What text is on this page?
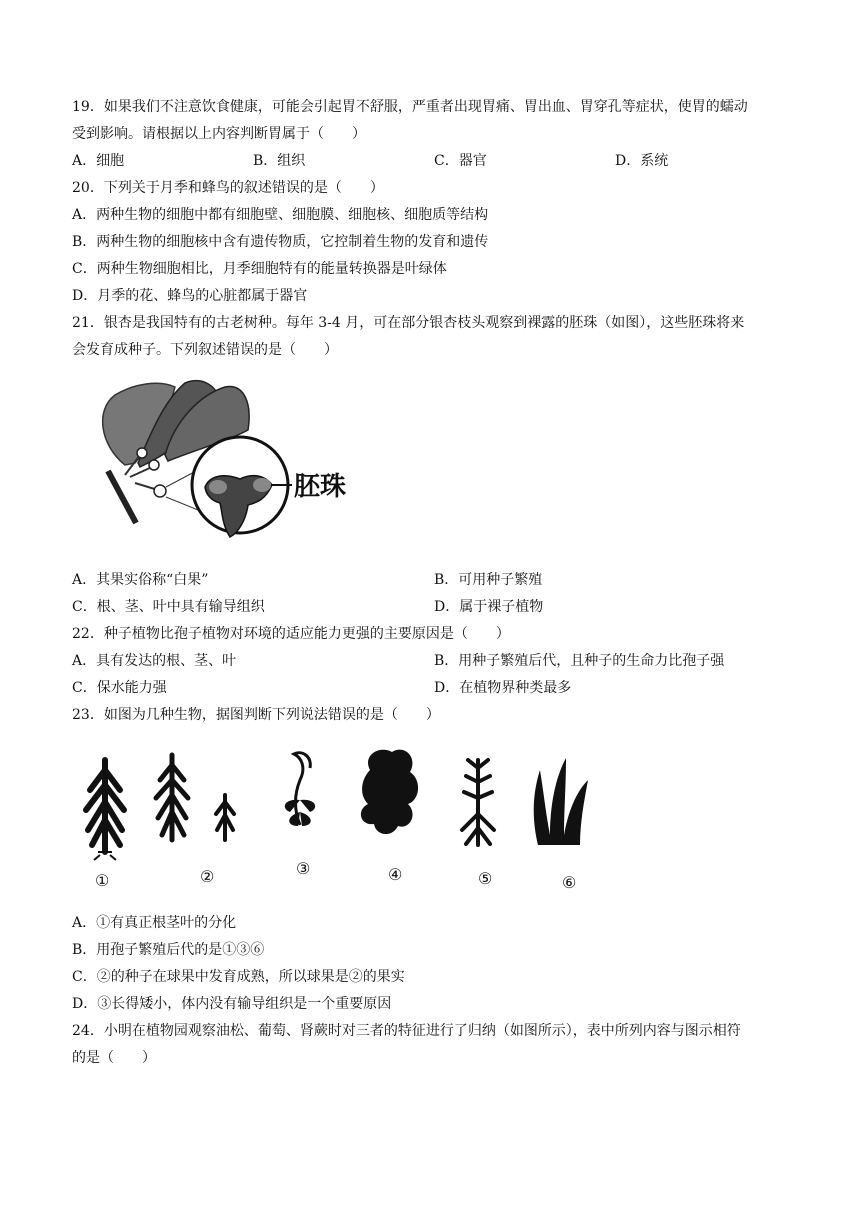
19．如果我们不注意饮食健康，可能会引起胃不舒服，严重者出现胃痛、胃出血、胃穿孔等症状，使胃的蠕动
受到影响。请根据以上内容判断胃属于（　　）
A．细胞	B．组织	C．器官	D．系统
20．下列关于月季和蜂鸟的叙述错误的是（　　）
A．两种生物的细胞中都有细胞壁、细胞膜、细胞核、细胞质等结构
B．两种生物的细胞核中含有遗传物质，它控制着生物的发育和遗传
C．两种生物细胞相比，月季细胞特有的能量转换器是叶绿体
D．月季的花、蜂鸟的心脏都属于器官
21．银杏是我国特有的古老树种。每年 3-4 月，可在部分银杏枝头观察到裸露的胚珠（如图），这些胚珠将来
会发育成种子。下列叙述错误的是（　　）
胚珠
A．其果实俗称“白果”	B．可用种子繁殖
C．根、茎、叶中具有输导组织	D．属于裸子植物
22．种子植物比孢子植物对环境的适应能力更强的主要原因是（　　）
A．具有发达的根、茎、叶	B．用种子繁殖后代，且种子的生命力比孢子强
C．保水能力强	D．在植物界种类最多
23．如图为几种生物，据图判断下列说法错误的是（　　）
①	②	③	④	⑤	⑥
A．①有真正根茎叶的分化
B．用孢子繁殖后代的是①③⑥
C．②的种子在球果中发育成熟，所以球果是②的果实
D．③长得矮小，体内没有输导组织是一个重要原因
24．小明在植物园观察油松、葡萄、肾蕨时对三者的特征进行了归纳（如图所示），表中所列内容与图示相符
的是（　　）
